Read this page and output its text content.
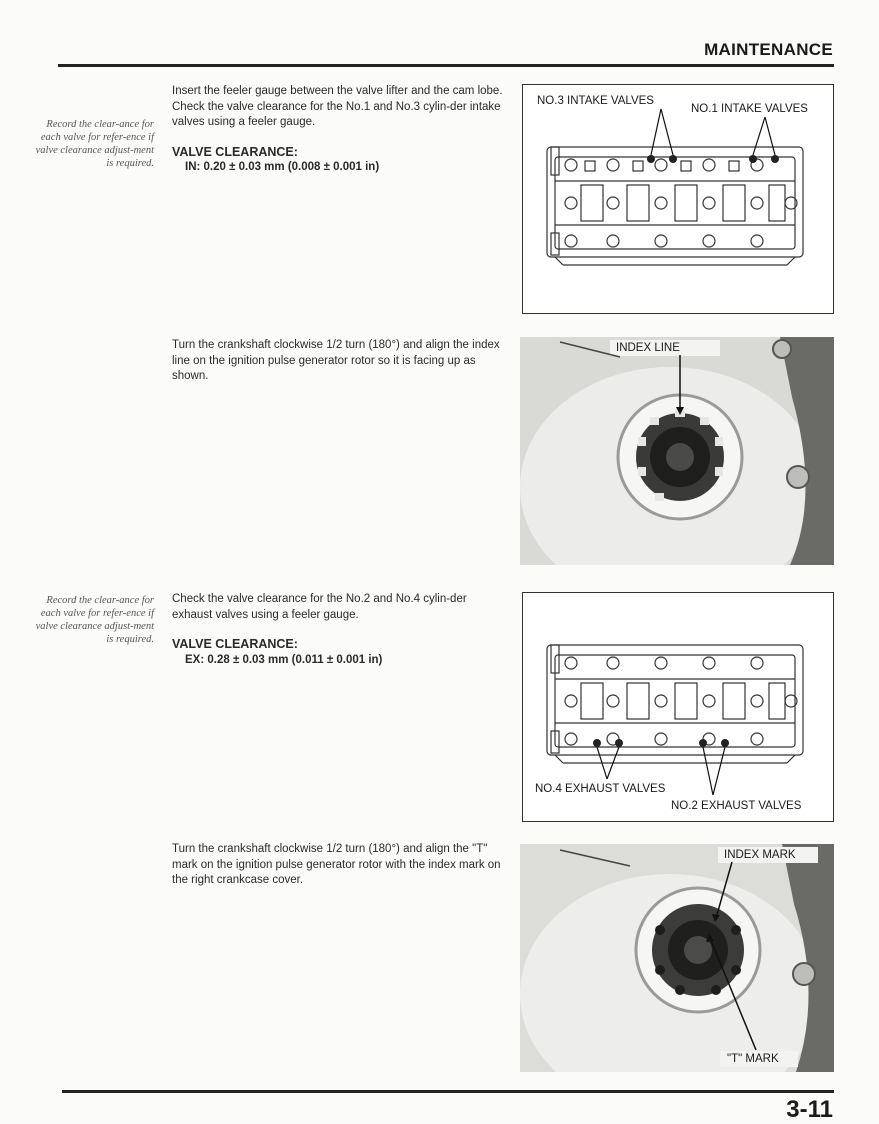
MAINTENANCE
Record the clear-ance for each valve for refer-ence if valve clearance adjust-ment is required.
Insert the feeler gauge between the valve lifter and the cam lobe. Check the valve clearance for the No.1 and No.3 cylin-der intake valves using a feeler gauge.
VALVE CLEARANCE:
IN: 0.20 ± 0.03 mm (0.008 ± 0.001 in)
NO.3 INTAKE VALVES
NO.1 INTAKE VALVES
Turn the crankshaft clockwise 1/2 turn (180°) and align the index line on the ignition pulse generator rotor so it is facing up as shown.
INDEX LINE
Record the clear-ance for each valve for refer-ence if valve clearance adjust-ment is required.
Check the valve clearance for the No.2 and No.4 cylin-der exhaust valves using a feeler gauge.
VALVE CLEARANCE:
EX: 0.28 ± 0.03 mm (0.011 ± 0.001 in)
NO.4 EXHAUST VALVES
NO.2 EXHAUST VALVES
Turn the crankshaft clockwise 1/2 turn (180°) and align the "T" mark on the ignition pulse generator rotor with the index mark on the right crankcase cover.
INDEX MARK
"T" MARK
3-11
